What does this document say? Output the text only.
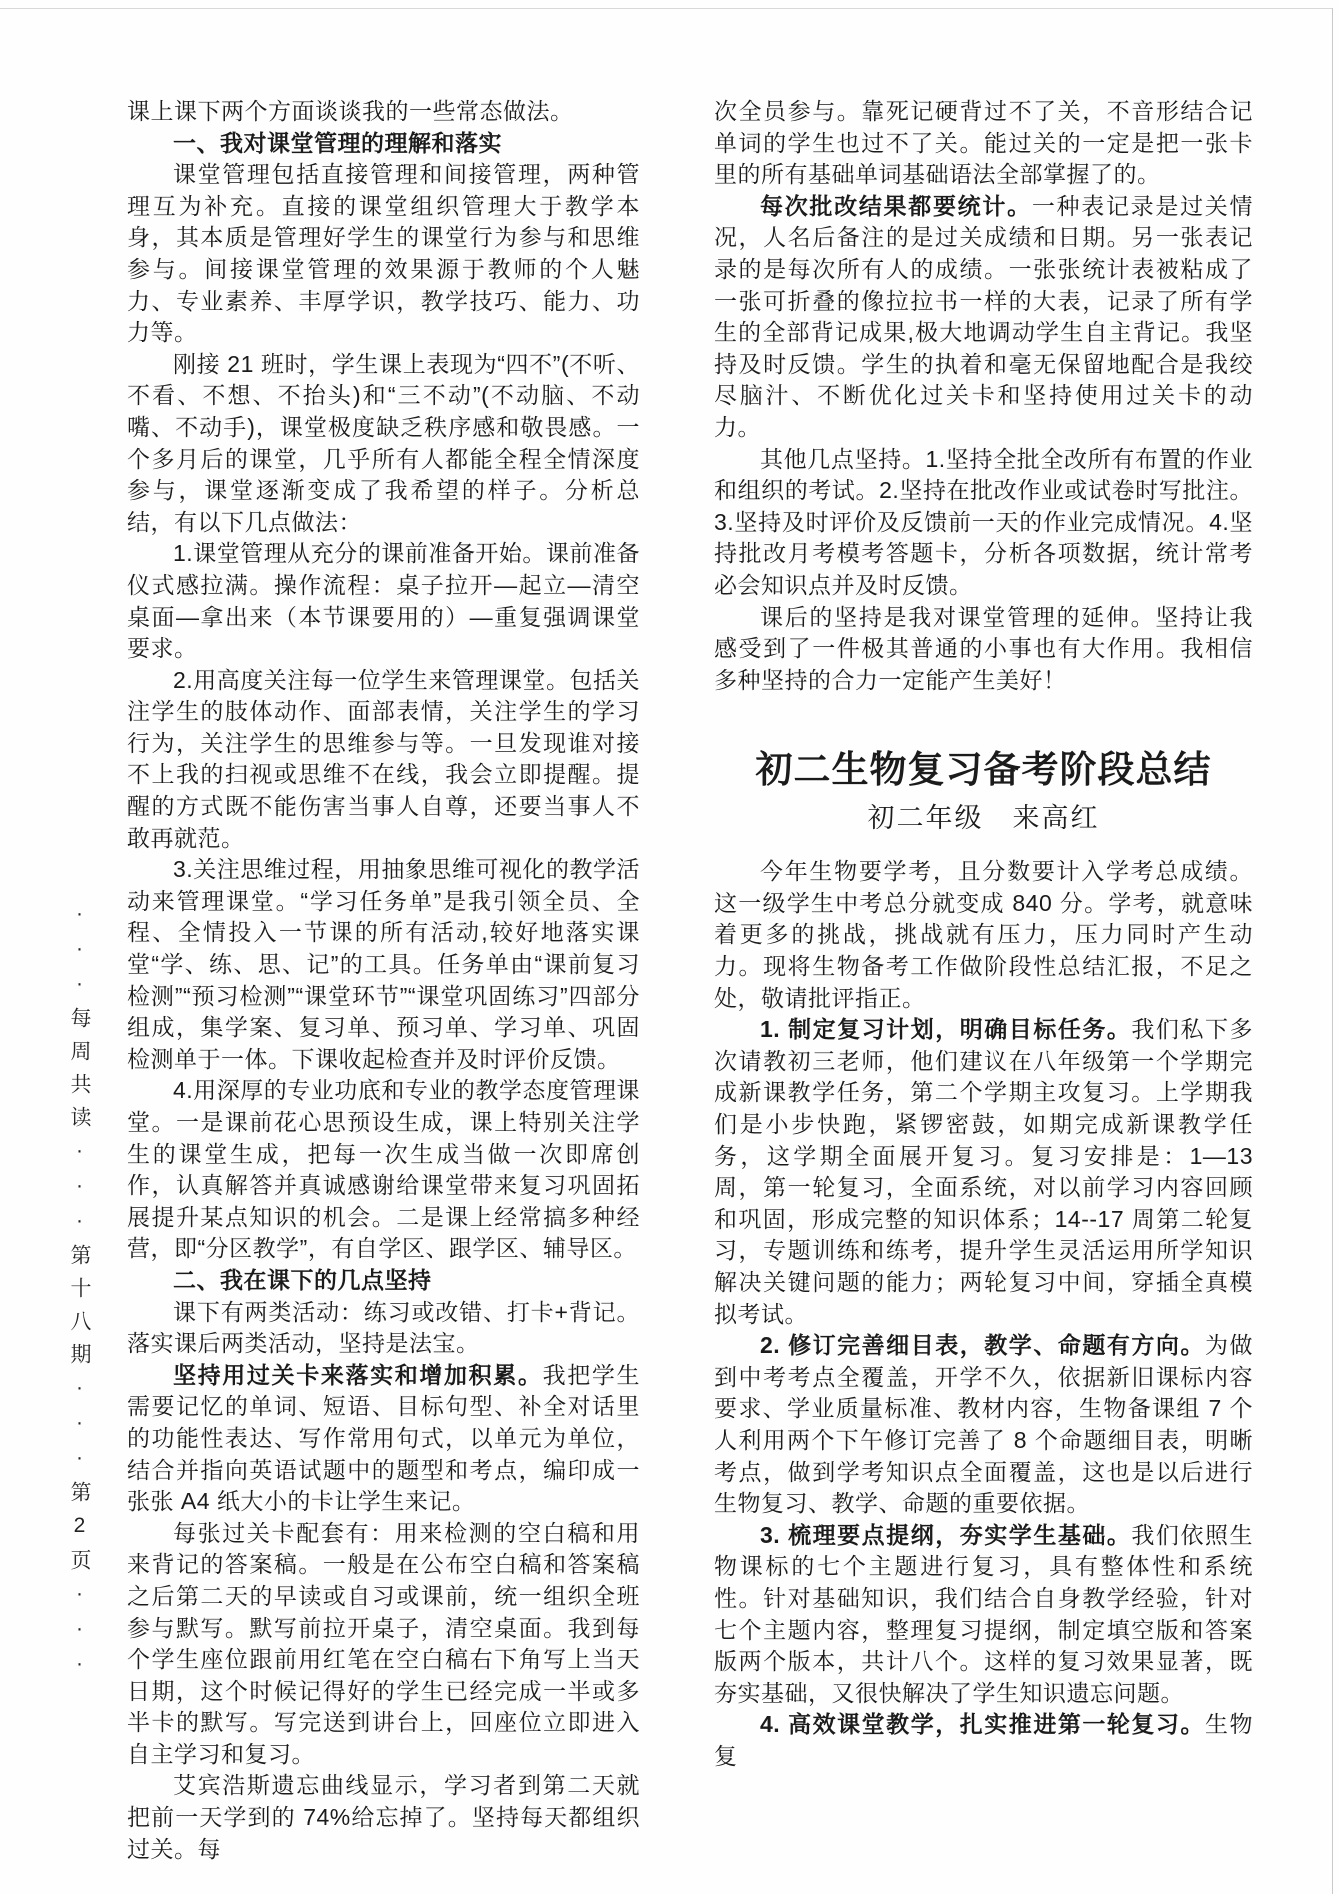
···每周共读···第十八期···第2页···

课上课下两个方面谈谈我的一些常态做法。

一、我对课堂管理的理解和落实

课堂管理包括直接管理和间接管理，两种管理互为补充。直接的课堂组织管理大于教学本身，其本质是管理好学生的课堂行为参与和思维参与。间接课堂管理的效果源于教师的个人魅力、专业素养、丰厚学识，教学技巧、能力、功力等。

刚接 21 班时，学生课上表现为“四不”(不听、不看、不想、不抬头)和“三不动”(不动脑、不动嘴、不动手)，课堂极度缺乏秩序感和敬畏感。一个多月后的课堂，几乎所有人都能全程全情深度参与，课堂逐渐变成了我希望的样子。分析总结，有以下几点做法：

1.课堂管理从充分的课前准备开始。课前准备仪式感拉满。操作流程：桌子拉开—起立—清空桌面—拿出来（本节课要用的）—重复强调课堂要求。

2.用高度关注每一位学生来管理课堂。包括关注学生的肢体动作、面部表情，关注学生的学习行为，关注学生的思维参与等。一旦发现谁对接不上我的扫视或思维不在线，我会立即提醒。提醒的方式既不能伤害当事人自尊，还要当事人不敢再就范。

3.关注思维过程，用抽象思维可视化的教学活动来管理课堂。“学习任务单”是我引领全员、全程、全情投入一节课的所有活动,较好地落实课堂“学、练、思、记”的工具。任务单由“课前复习检测”“预习检测”“课堂环节”“课堂巩固练习”四部分组成，集学案、复习单、预习单、学习单、巩固检测单于一体。下课收起检查并及时评价反馈。

4.用深厚的专业功底和专业的教学态度管理课堂。一是课前花心思预设生成，课上特别关注学生的课堂生成，把每一次生成当做一次即席创作，认真解答并真诚感谢给课堂带来复习巩固拓展提升某点知识的机会。二是课上经常搞多种经营，即“分区教学”，有自学区、跟学区、辅导区。

二、我在课下的几点坚持

课下有两类活动：练习或改错、打卡+背记。落实课后两类活动，坚持是法宝。

坚持用过关卡来落实和增加积累。我把学生需要记忆的单词、短语、目标句型、补全对话里的功能性表达、写作常用句式，以单元为单位，结合并指向英语试题中的题型和考点，编印成一张张 A4 纸大小的卡让学生来记。

每张过关卡配套有：用来检测的空白稿和用来背记的答案稿。一般是在公布空白稿和答案稿之后第二天的早读或自习或课前，统一组织全班参与默写。默写前拉开桌子，清空桌面。我到每个学生座位跟前用红笔在空白稿右下角写上当天日期，这个时候记得好的学生已经完成一半或多半卡的默写。写完送到讲台上，回座位立即进入自主学习和复习。

艾宾浩斯遗忘曲线显示，学习者到第二天就把前一天学到的 74%给忘掉了。坚持每天都组织过关。每

次全员参与。靠死记硬背过不了关，不音形结合记单词的学生也过不了关。能过关的一定是把一张卡里的所有基础单词基础语法全部掌握了的。

每次批改结果都要统计。一种表记录是过关情况，人名后备注的是过关成绩和日期。另一张表记录的是每次所有人的成绩。一张张统计表被粘成了一张可折叠的像拉拉书一样的大表，记录了所有学生的全部背记成果,极大地调动学生自主背记。我坚持及时反馈。学生的执着和毫无保留地配合是我绞尽脑汁、不断优化过关卡和坚持使用过关卡的动力。

其他几点坚持。1.坚持全批全改所有布置的作业和组织的考试。2.坚持在批改作业或试卷时写批注。3.坚持及时评价及反馈前一天的作业完成情况。4.坚持批改月考模考答题卡，分析各项数据，统计常考必会知识点并及时反馈。

课后的坚持是我对课堂管理的延伸。坚持让我感受到了一件极其普通的小事也有大作用。我相信多种坚持的合力一定能产生美好！

初二生物复习备考阶段总结
初二年级　来高红

今年生物要学考，且分数要计入学考总成绩。这一级学生中考总分就变成 840 分。学考，就意味着更多的挑战，挑战就有压力，压力同时产生动力。现将生物备考工作做阶段性总结汇报，不足之处，敬请批评指正。

1. 制定复习计划，明确目标任务。我们私下多次请教初三老师，他们建议在八年级第一个学期完成新课教学任务，第二个学期主攻复习。上学期我们是小步快跑，紧锣密鼓，如期完成新课教学任务，这学期全面展开复习。复习安排是：1—13 周，第一轮复习，全面系统，对以前学习内容回顾和巩固，形成完整的知识体系；14--17 周第二轮复习，专题训练和练考，提升学生灵活运用所学知识解决关键问题的能力；两轮复习中间，穿插全真模拟考试。

2. 修订完善细目表，教学、命题有方向。为做到中考考点全覆盖，开学不久，依据新旧课标内容要求、学业质量标准、教材内容，生物备课组 7 个人利用两个下午修订完善了 8 个命题细目表，明晰考点，做到学考知识点全面覆盖，这也是以后进行生物复习、教学、命题的重要依据。

3. 梳理要点提纲，夯实学生基础。我们依照生物课标的七个主题进行复习，具有整体性和系统性。针对基础知识，我们结合自身教学经验，针对七个主题内容，整理复习提纲，制定填空版和答案版两个版本，共计八个。这样的复习效果显著，既夯实基础，又很快解决了学生知识遗忘问题。

4. 高效课堂教学，扎实推进第一轮复习。生物复
